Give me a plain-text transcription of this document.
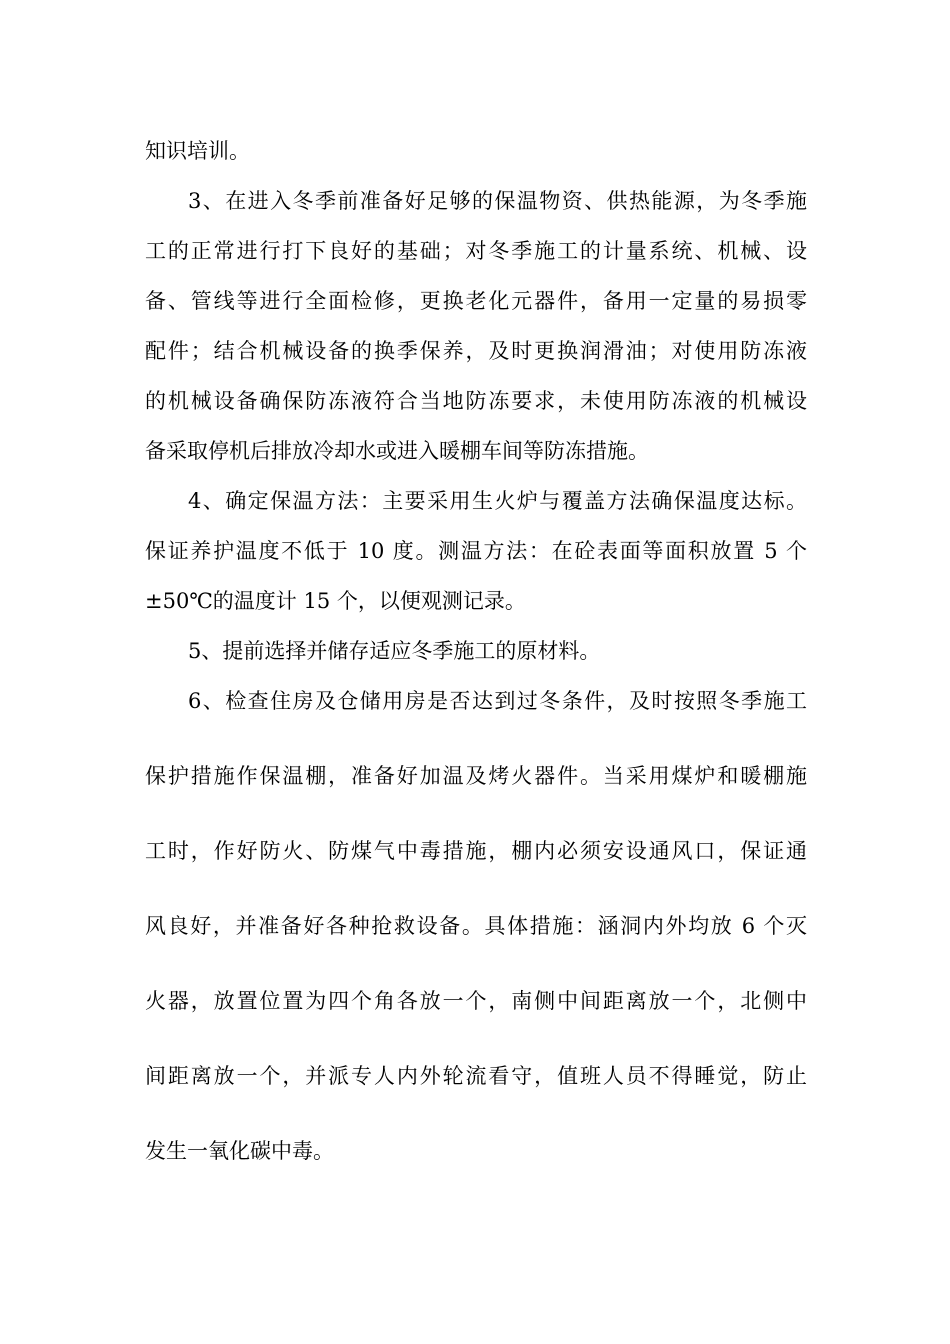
知识培训。
3、在进入冬季前准备好足够的保温物资、供热能源，为冬季施
工的正常进行打下良好的基础；对冬季施工的计量系统、机械、设
备、管线等进行全面检修，更换老化元器件，备用一定量的易损零
配件；结合机械设备的换季保养，及时更换润滑油；对使用防冻液
的机械设备确保防冻液符合当地防冻要求，未使用防冻液的机械设
备采取停机后排放冷却水或进入暖棚车间等防冻措施。
4、确定保温方法：主要采用生火炉与覆盖方法确保温度达标。
保证养护温度不低于 10 度。测温方法：在砼表面等面积放置 5 个
±50℃的温度计 15 个，以便观测记录。
5、提前选择并储存适应冬季施工的原材料。
6、检查住房及仓储用房是否达到过冬条件，及时按照冬季施工
保护措施作保温棚，准备好加温及烤火器件。当采用煤炉和暖棚施
工时，作好防火、防煤气中毒措施，棚内必须安设通风口，保证通
风良好，并准备好各种抢救设备。具体措施：涵洞内外均放 6 个灭
火器，放置位置为四个角各放一个，南侧中间距离放一个，北侧中
间距离放一个，并派专人内外轮流看守，值班人员不得睡觉，防止
发生一氧化碳中毒。
